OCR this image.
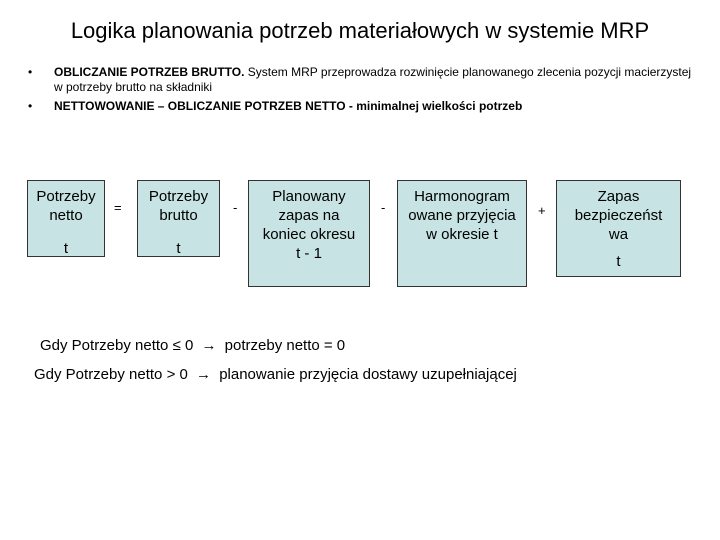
Logika planowania potrzeb materiałowych w systemie MRP
• OBLICZANIE POTRZEB BRUTTO. System MRP przeprowadza rozwinięcie planowanego zlecenia pozycji macierzystej w potrzeby brutto na składniki
• NETTOWOWANIE – OBLICZANIE POTRZEB NETTO - minimalnej wielkości potrzeb
Potrzeby netto
t
=
Potrzeby brutto
t
-
Planowany zapas na koniec okresu t - 1
-
Harmonogram owane przyjęcia w okresie t
+
Zapas bezpieczeńst wa
t
Gdy Potrzeby netto ≤ 0 → potrzeby netto = 0
Gdy Potrzeby netto > 0 → planowanie przyjęcia dostawy uzupełniającej
